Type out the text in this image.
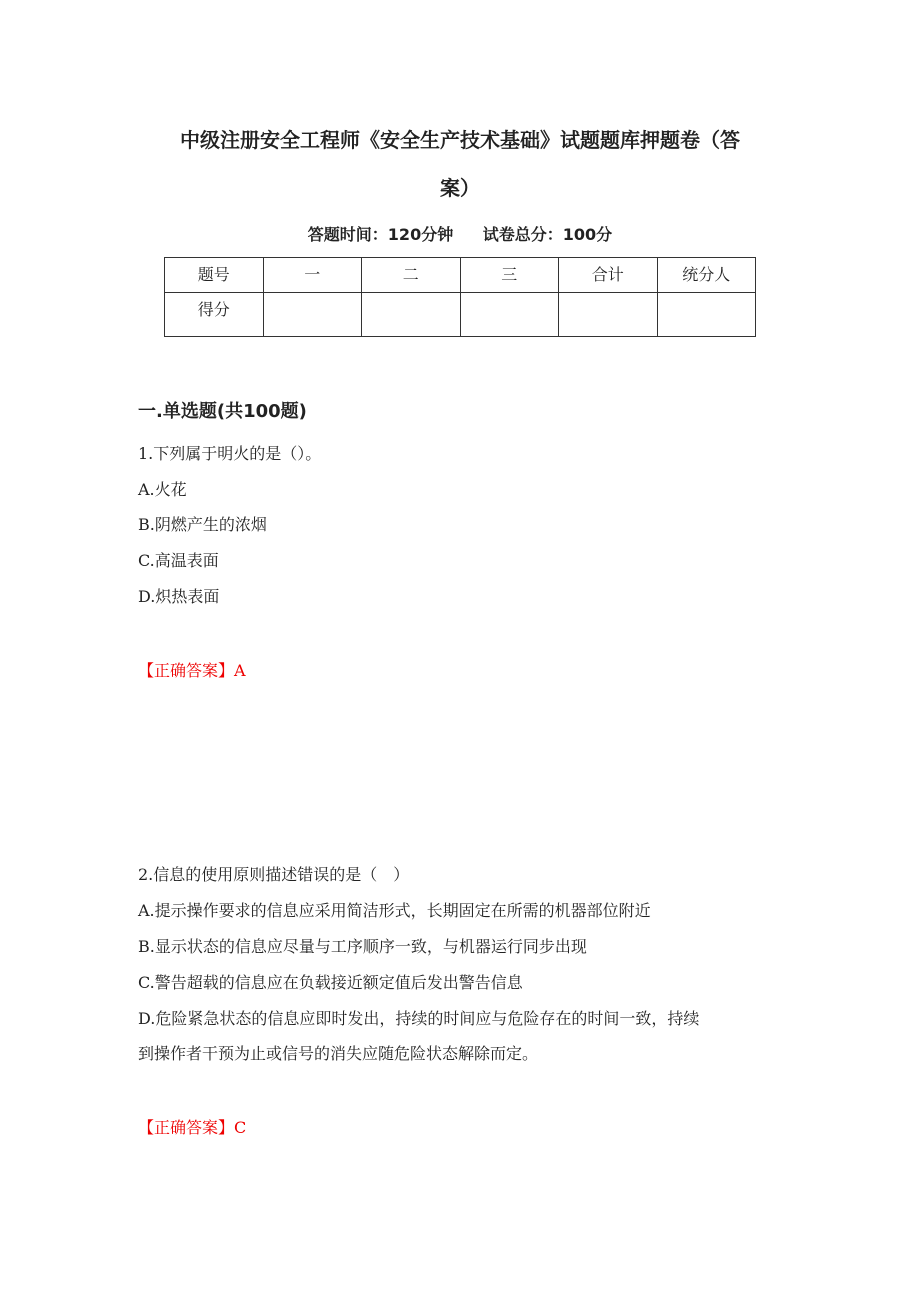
中级注册安全工程师《安全生产技术基础》试题题库押题卷（答
案）
答题时间：120分钟 试卷总分：100分
题号	一	二	三	合计	统分人
得分					
一.单选题(共100题)
1.下列属于明火的是（）。
A.火花
B.阴燃产生的浓烟
C.高温表面
D.炽热表面
【正确答案】A
2.信息的使用原则描述错误的是（　）
A.提示操作要求的信息应采用简洁形式，长期固定在所需的机器部位附近
B.显示状态的信息应尽量与工序顺序一致，与机器运行同步出现
C.警告超载的信息应在负载接近额定值后发出警告信息
D.危险紧急状态的信息应即时发出，持续的时间应与危险存在的时间一致，持续
到操作者干预为止或信号的消失应随危险状态解除而定。
【正确答案】C
